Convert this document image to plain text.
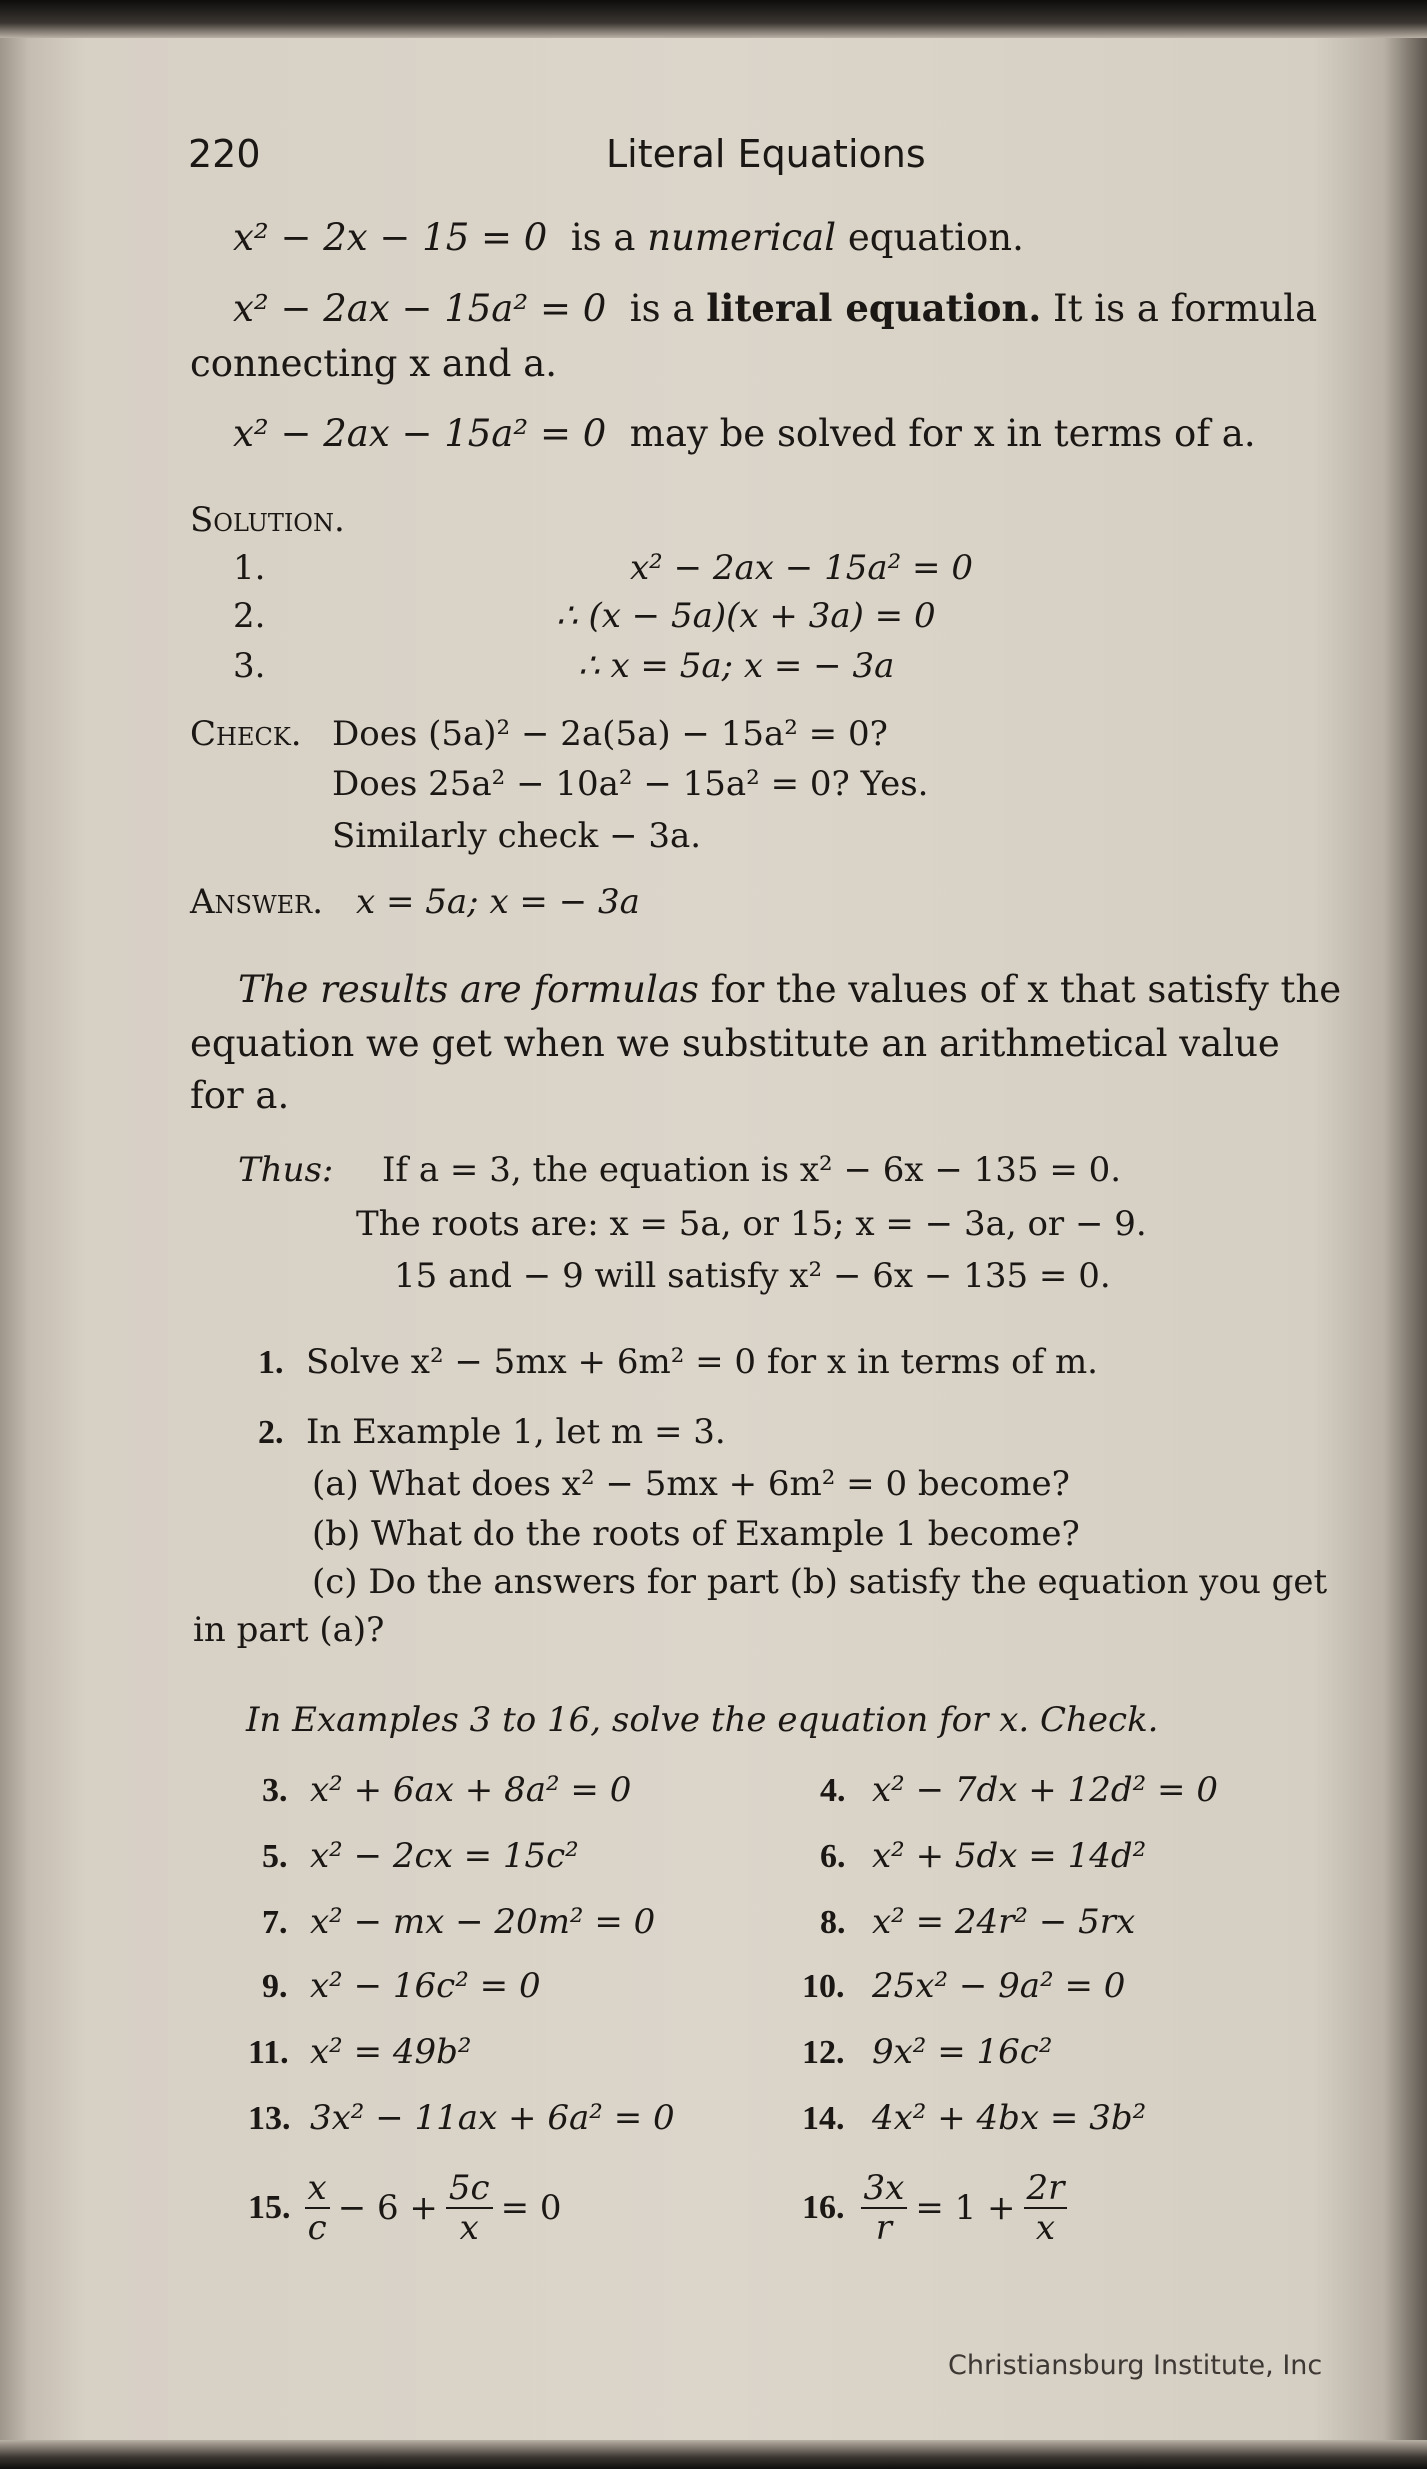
220	Literal Equations
x² − 2x − 15 = 0 is a numerical equation.
x² − 2ax − 15a² = 0 is a literal equation. It is a formula
connecting x and a.
x² − 2ax − 15a² = 0 may be solved for x in terms of a.
Solution.
1.	x² − 2ax − 15a² = 0
2.	∴ (x − 5a)(x + 3a) = 0
3.	∴ x = 5a; x = − 3a
Check. Does (5a)² − 2a(5a) − 15a² = 0?
Does 25a² − 10a² − 15a² = 0? Yes.
Similarly check − 3a.
Answer. x = 5a; x = − 3a
The results are formulas for the values of x that satisfy the
equation we get when we substitute an arithmetical value
for a.
Thus: If a = 3, the equation is x² − 6x − 135 = 0.
The roots are: x = 5a, or 15; x = − 3a, or − 9.
15 and − 9 will satisfy x² − 6x − 135 = 0.
1. Solve x² − 5mx + 6m² = 0 for x in terms of m.
2. In Example 1, let m = 3.
(a) What does x² − 5mx + 6m² = 0 become?
(b) What do the roots of Example 1 become?
(c) Do the answers for part (b) satisfy the equation you get
in part (a)?
In Examples 3 to 16, solve the equation for x. Check.
3. x² + 6ax + 8a² = 0	4. x² − 7dx + 12d² = 0
5. x² − 2cx = 15c²	6. x² + 5dx = 14d²
7. x² − mx − 20m² = 0	8. x² = 24r² − 5rx
9. x² − 16c² = 0	10. 25x² − 9a² = 0
11. x² = 49b²	12. 9x² = 16c²
13. 3x² − 11ax + 6a² = 0	14. 4x² + 4bx = 3b²
15. $\frac{x}{c} - 6 + \frac{5c}{x} = 0$	16. $\frac{3x}{r} = 1 + \frac{2r}{x}$
Christiansburg Institute, Inc
